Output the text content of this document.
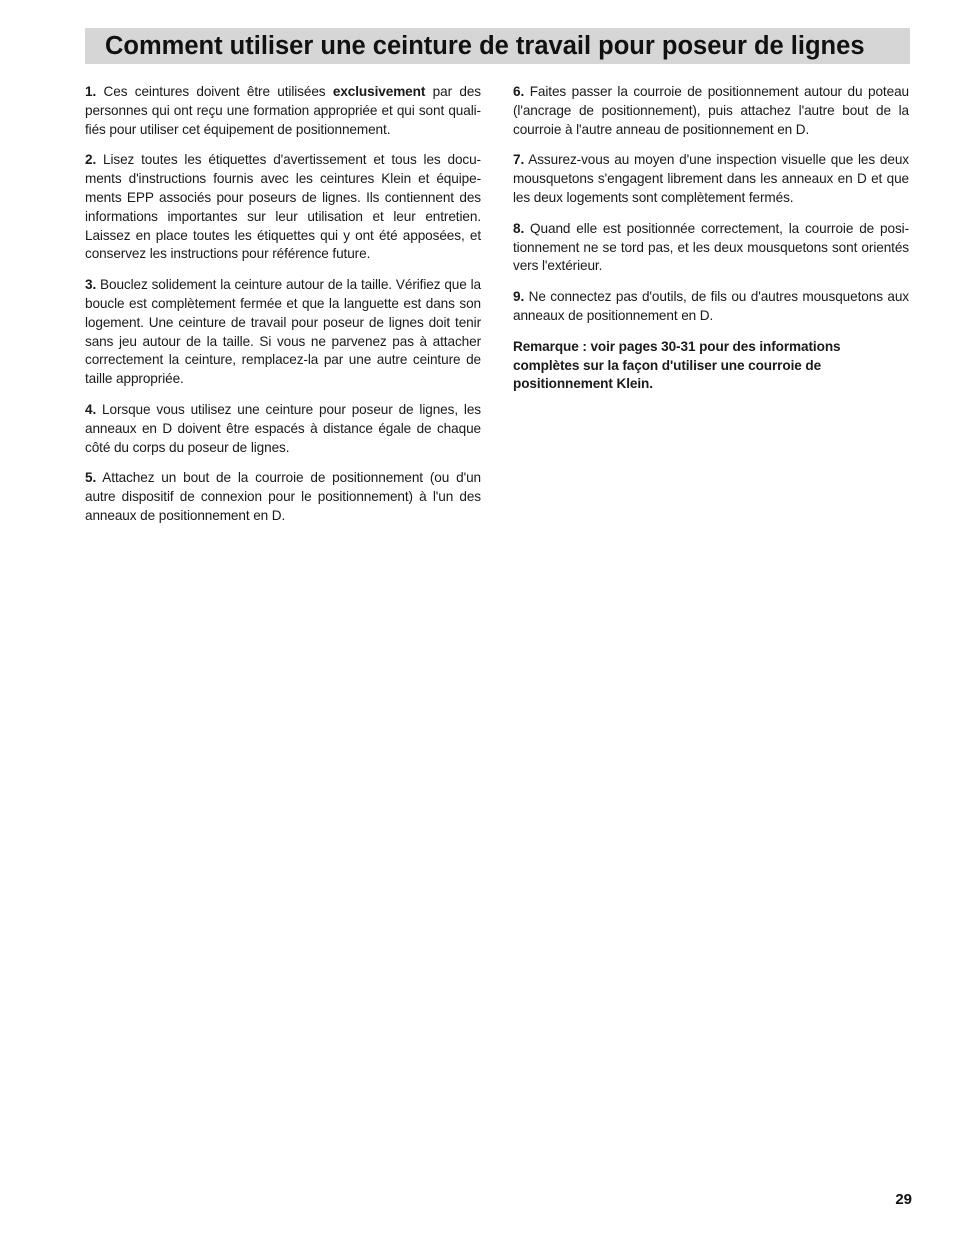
Comment utiliser une ceinture de travail pour poseur de lignes

1. Ces ceintures doivent être utilisées exclusivement par des personnes qui ont reçu une formation appropriée et qui sont quali-fiés pour utiliser cet équipement de positionnement.

2. Lisez toutes les étiquettes d'avertissement et tous les docu-ments d'instructions fournis avec les ceintures Klein et équipe-ments EPP associés pour poseurs de lignes. Ils contiennent des informations importantes sur leur utilisation et leur entretien. Laissez en place toutes les étiquettes qui y ont été apposées, et conservez les instructions pour référence future.

3. Bouclez solidement la ceinture autour de la taille. Vérifiez que la boucle est complètement fermée et que la languette est dans son logement. Une ceinture de travail pour poseur de lignes doit tenir sans jeu autour de la taille. Si vous ne parvenez pas à attacher correctement la ceinture, remplacez-la par une autre ceinture de taille appropriée.

4. Lorsque vous utilisez une ceinture pour poseur de lignes, les anneaux en D doivent être espacés à distance égale de chaque côté du corps du poseur de lignes.

5. Attachez un bout de la courroie de positionnement (ou d'un autre dispositif de connexion pour le positionnement) à l'un des anneaux de positionnement en D.

6. Faites passer la courroie de positionnement autour du poteau (l'ancrage de positionnement), puis attachez l'autre bout de la courroie à l'autre anneau de positionnement en D.

7. Assurez-vous au moyen d'une inspection visuelle que les deux mousquetons s'engagent librement dans les anneaux en D et que les deux logements sont complètement fermés.

8. Quand elle est positionnée correctement, la courroie de posi-tionnement ne se tord pas, et les deux mousquetons sont orientés vers l'extérieur.

9. Ne connectez pas d'outils, de fils ou d'autres mousquetons aux anneaux de positionnement en D.

Remarque : voir pages 30-31 pour des informations complètes sur la façon d'utiliser une courroie de positionnement Klein.

29
